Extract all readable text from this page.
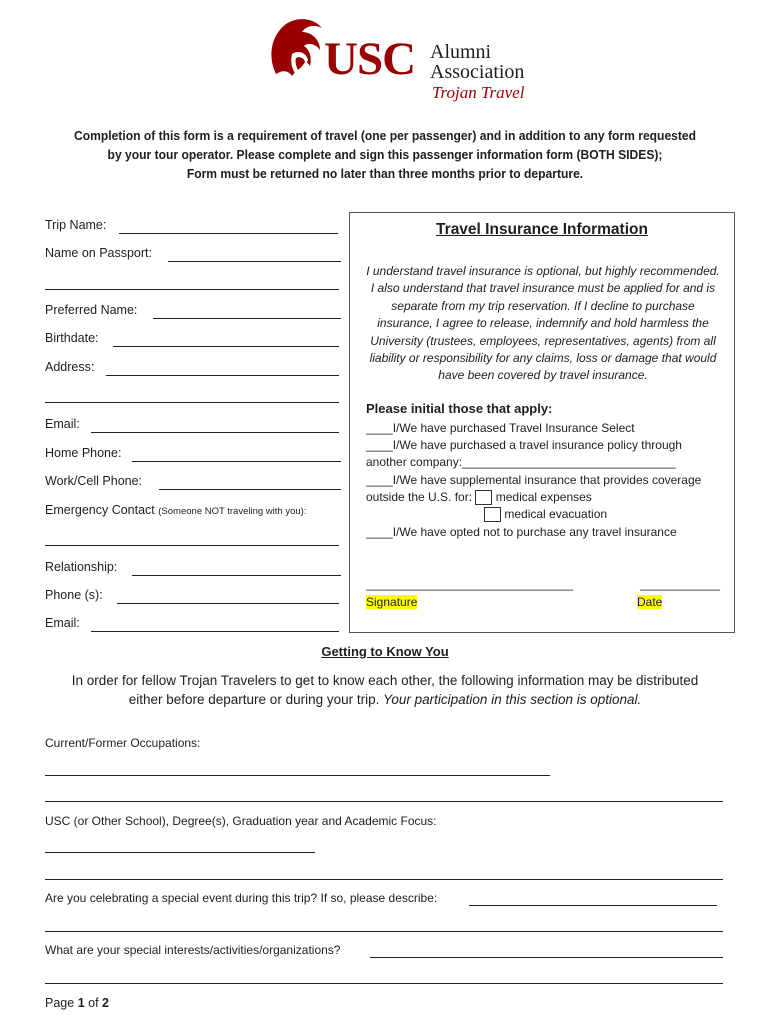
USC Alumni
Association
Trojan Travel
Completion of this form is a requirement of travel (one per passenger) and in addition to any form requested
by your tour operator. Please complete and sign this passenger information form (BOTH SIDES);
Form must be returned no later than three months prior to departure.
Trip Name:
Name on Passport:
Preferred Name:
Birthdate:
Address:
Email:
Home Phone:
Work/Cell Phone:
Emergency Contact (Someone NOT traveling with you):
Relationship:
Phone (s):
Email:
Travel Insurance Information
I understand travel insurance is optional, but highly recommended. I also understand that travel insurance must be applied for and is separate from my trip reservation. If I decline to purchase insurance, I agree to release, indemnify and hold harmless the University (trustees, employees, representatives, agents) from all liability or responsibility for any claims, loss or damage that would have been covered by travel insurance.
Please initial those that apply:
____I/We have purchased Travel Insurance Select
____I/We have purchased a travel insurance policy through
another company:________________________________
____I/We have supplemental insurance that provides coverage
outside the U.S. for: medical expenses
medical evacuation
____I/We have opted not to purchase any travel insurance
_______________________________	____________
Signature	Date
Getting to Know You
In order for fellow Trojan Travelers to get to know each other, the following information may be distributed
either before departure or during your trip. Your participation in this section is optional.
Current/Former Occupations:
USC (or Other School), Degree(s), Graduation year and Academic Focus:
Are you celebrating a special event during this trip? If so, please describe:
What are your special interests/activities/organizations?
Page 1 of 2
